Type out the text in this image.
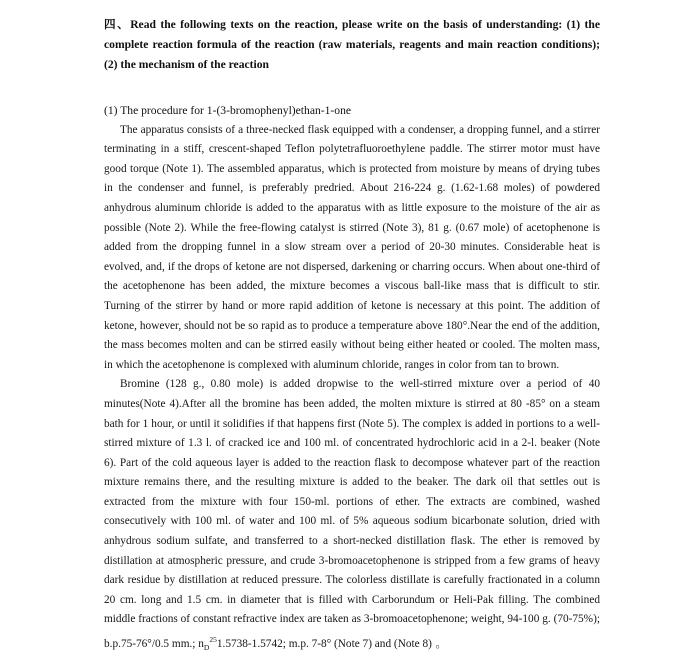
四、Read the following texts on the reaction, please write on the basis of understanding: (1) the complete reaction formula of the reaction (raw materials, reagents and main reaction conditions); (2) the mechanism of the reaction

(1) The procedure for 1-(3-bromophenyl)ethan-1-one

The apparatus consists of a three-necked flask equipped with a condenser, a dropping funnel, and a stirrer terminating in a stiff, crescent-shaped Teflon polytetrafluoroethylene paddle. The stirrer motor must have good torque (Note 1). The assembled apparatus, which is protected from moisture by means of drying tubes in the condenser and funnel, is preferably predried. About 216-224 g. (1.62-1.68 moles) of powdered anhydrous aluminum chloride is added to the apparatus with as little exposure to the moisture of the air as possible (Note 2). While the free-flowing catalyst is stirred (Note 3), 81 g. (0.67 mole) of acetophenone is added from the dropping funnel in a slow stream over a period of 20-30 minutes. Considerable heat is evolved, and, if the drops of ketone are not dispersed, darkening or charring occurs. When about one-third of the acetophenone has been added, the mixture becomes a viscous ball-like mass that is difficult to stir. Turning of the stirrer by hand or more rapid addition of ketone is necessary at this point. The addition of ketone, however, should not be so rapid as to produce a temperature above 180°.Near the end of the addition, the mass becomes molten and can be stirred easily without being either heated or cooled. The molten mass, in which the acetophenone is complexed with aluminum chloride, ranges in color from tan to brown.

Bromine (128 g., 0.80 mole) is added dropwise to the well-stirred mixture over a period of 40 minutes(Note 4).After all the bromine has been added, the molten mixture is stirred at 80 -85° on a steam bath for 1 hour, or until it solidifies if that happens first (Note 5). The complex is added in portions to a well-stirred mixture of 1.3 l. of cracked ice and 100 ml. of concentrated hydrochloric acid in a 2-l. beaker (Note 6). Part of the cold aqueous layer is added to the reaction flask to decompose whatever part of the reaction mixture remains there, and the resulting mixture is added to the beaker. The dark oil that settles out is extracted from the mixture with four 150-ml. portions of ether. The extracts are combined, washed consecutively with 100 ml. of water and 100 ml. of 5% aqueous sodium bicarbonate solution, dried with anhydrous sodium sulfate, and transferred to a short-necked distillation flask. The ether is removed by distillation at atmospheric pressure, and crude 3-bromoacetophenone is stripped from a few grams of heavy dark residue by distillation at reduced pressure. The colorless distillate is carefully fractionated in a column 20 cm. long and 1.5 cm. in diameter that is filled with Carborundum or Heli-Pak filling. The combined middle fractions of constant refractive index are taken as 3-bromoacetophenone; weight, 94-100 g. (70-75%); b.p.75-76°/0.5 mm.; $n_D^{25}1.5738-1.5742$; m.p. 7-8° (Note 7) and (Note 8) 。
